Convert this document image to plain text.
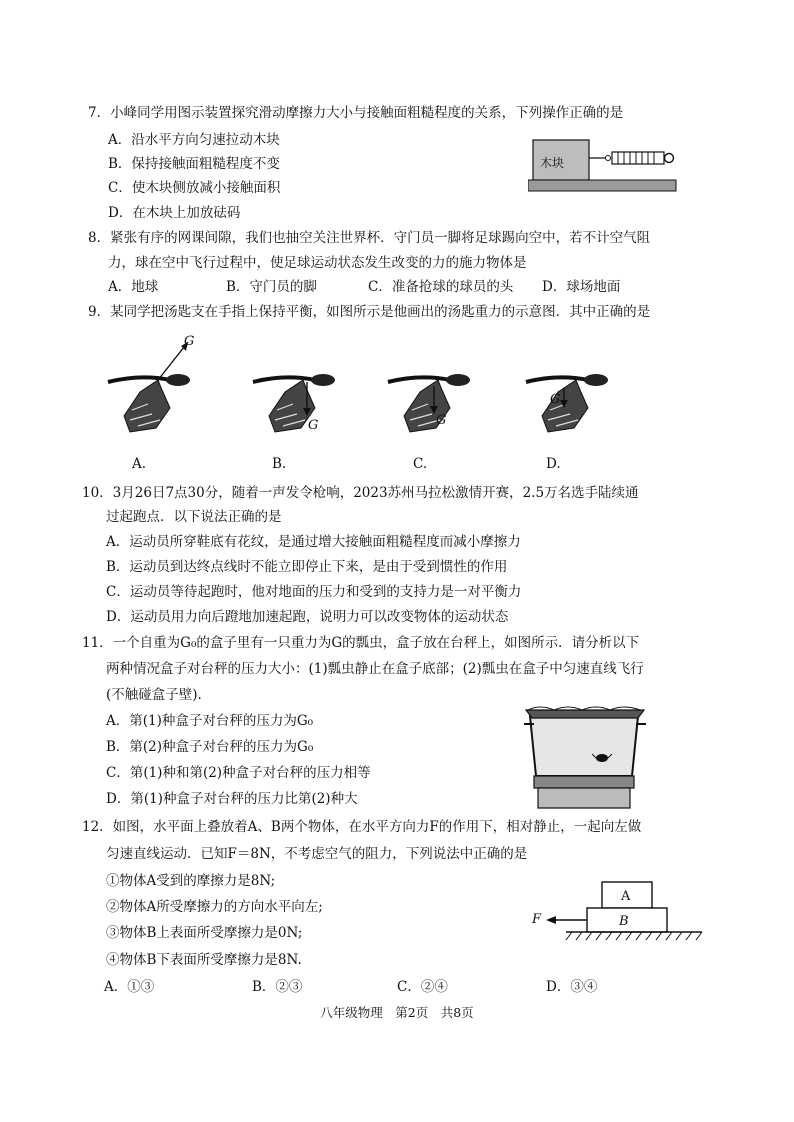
7．小峰同学用图示装置探究滑动摩擦力大小与接触面粗糙程度的关系，下列操作正确的是
A．沿水平方向匀速拉动木块
B．保持接触面粗糙程度不变
C．使木块侧放减小接触面积
D．在木块上加放砝码
木块
8．紧张有序的网课间隙，我们也抽空关注世界杯．守门员一脚将足球踢向空中，若不计空气阻
力，球在空中飞行过程中，使足球运动状态发生改变的力的施力物体是
A．地球	B．守门员的脚	C．准备抢球的球员的头 D．球场地面
9．某同学把汤匙支在手指上保持平衡，如图所示是他画出的汤匙重力的示意图．其中正确的是
G
G	G
G
A.	B.	C.	D.
10．3月26日7点30分，随着一声发令枪响，2023苏州马拉松激情开赛，2.5万名选手陆续通
过起跑点．以下说法正确的是
A．运动员所穿鞋底有花纹，是通过增大接触面粗糙程度而减小摩擦力
B．运动员到达终点线时不能立即停止下来，是由于受到惯性的作用
C．运动员等待起跑时，他对地面的压力和受到的支持力是一对平衡力
D．运动员用力向后蹬地加速起跑，说明力可以改变物体的运动状态
11．一个自重为G₀的盒子里有一只重力为G的瓢虫，盒子放在台秤上，如图所示．请分析以下
两种情况盒子对台秤的压力大小：(1)瓢虫静止在盒子底部；(2)瓢虫在盒子中匀速直线飞行
(不触碰盒子壁).
A．第(1)种盒子对台秤的压力为G₀
B．第(2)种盒子对台秤的压力为G₀
C．第(1)种和第(2)种盒子对台秤的压力相等
D．第(1)种盒子对台秤的压力比第(2)种大
12．如图，水平面上叠放着A、B两个物体，在水平方向力F的作用下，相对静止，一起向左做
匀速直线运动．已知F＝8N，不考虑空气的阻力，下列说法中正确的是
①物体A受到的摩擦力是8N;
②物体A所受摩擦力的方向水平向左;
③物体B上表面所受摩擦力是0N;
④物体B下表面所受摩擦力是8N.
A．①③	B．②③	C．②④	D．③④
A
B
F
八年级物理　第2页　共8页
